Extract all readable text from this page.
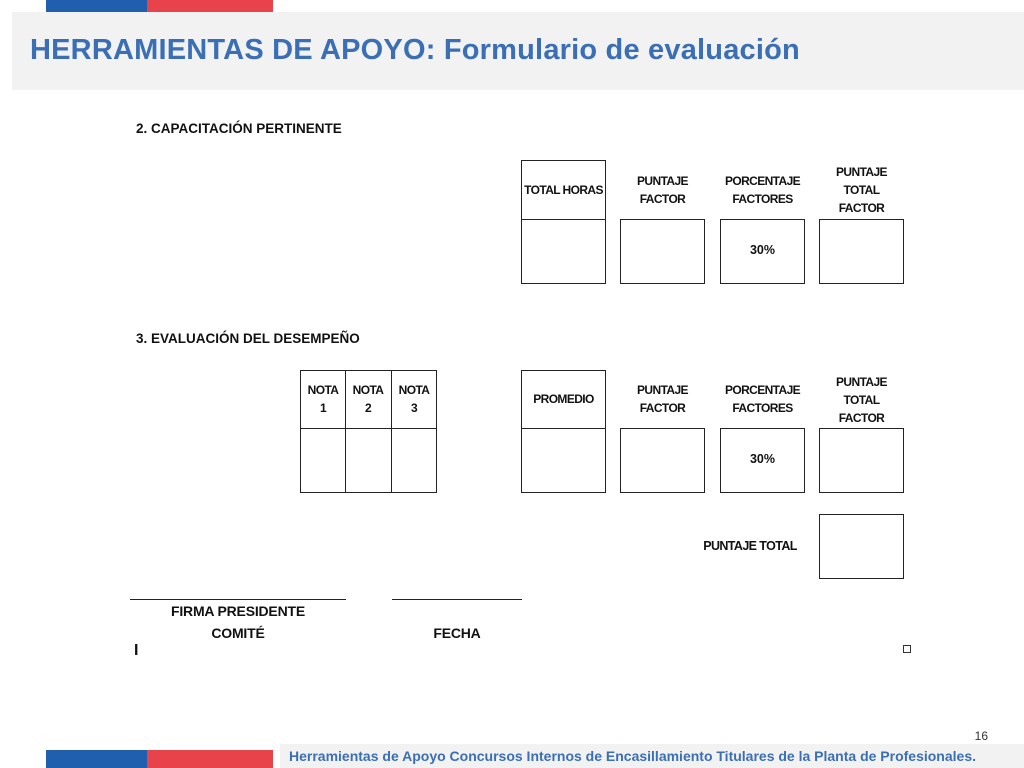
HERRAMIENTAS DE APOYO: Formulario de evaluación
2. CAPACITACIÓN PERTINENTE
TOTAL HORAS
PUNTAJE
FACTOR
PORCENTAJE
FACTORES
30%
PUNTAJE
TOTAL
FACTOR
3. EVALUACIÓN DEL DESEMPEÑO
NOTA
1
NOTA
2
NOTA
3
PROMEDIO
PUNTAJE
FACTOR
PORCENTAJE
FACTORES
30%
PUNTAJE
TOTAL
FACTOR
PUNTAJE TOTAL
FIRMA PRESIDENTE
COMITÉ	FECHA
I
16
Herramientas de Apoyo Concursos Internos de Encasillamiento Titulares de la Planta de Profesionales.
